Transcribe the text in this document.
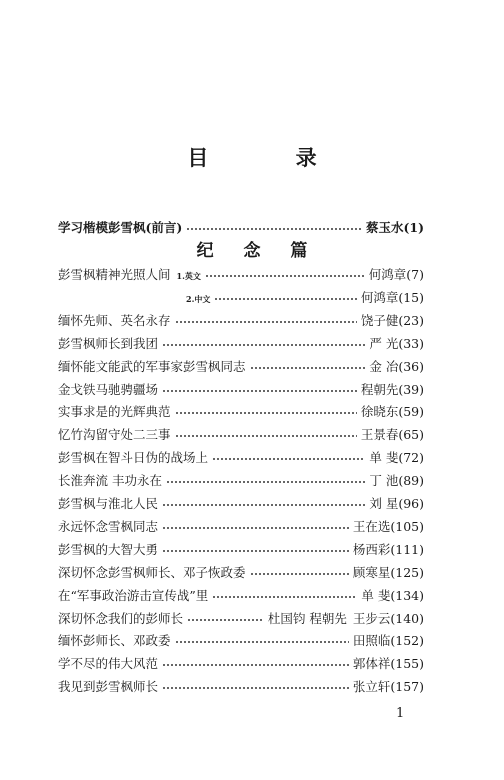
目 录
学习楷模彭雪枫(前言)	蔡玉水(1)
纪 念 篇
彭雪枫精神光照人间 1.英文	何鸿章(7)
2.中文	何鸿章(15)
缅怀先师、英名永存	饶子健(23)
彭雪枫师长到我团	严 光(33)
缅怀能文能武的军事家彭雪枫同志	金 冶(36)
金戈铁马驰骋疆场	程朝先(39)
实事求是的光辉典范	徐晓东(59)
忆竹沟留守处二三事	王景春(65)
彭雪枫在智斗日伪的战场上	单 斐(72)
长淮奔流 丰功永在	丁 池(89)
彭雪枫与淮北人民	刘 星(96)
永远怀念雪枫同志	王在选(105)
彭雪枫的大智大勇	杨西彩(111)
深切怀念彭雪枫师长、邓子恢政委	顾寒星(125)
在“军事政治游击宣传战”里	单 斐(134)
深切怀念我们的彭师长	杜国钧 程朝先 王步云(140)
缅怀彭师长、邓政委	田照临(152)
学不尽的伟大风范	郭体祥(155)
我见到彭雪枫师长	张立轩(157)
1
